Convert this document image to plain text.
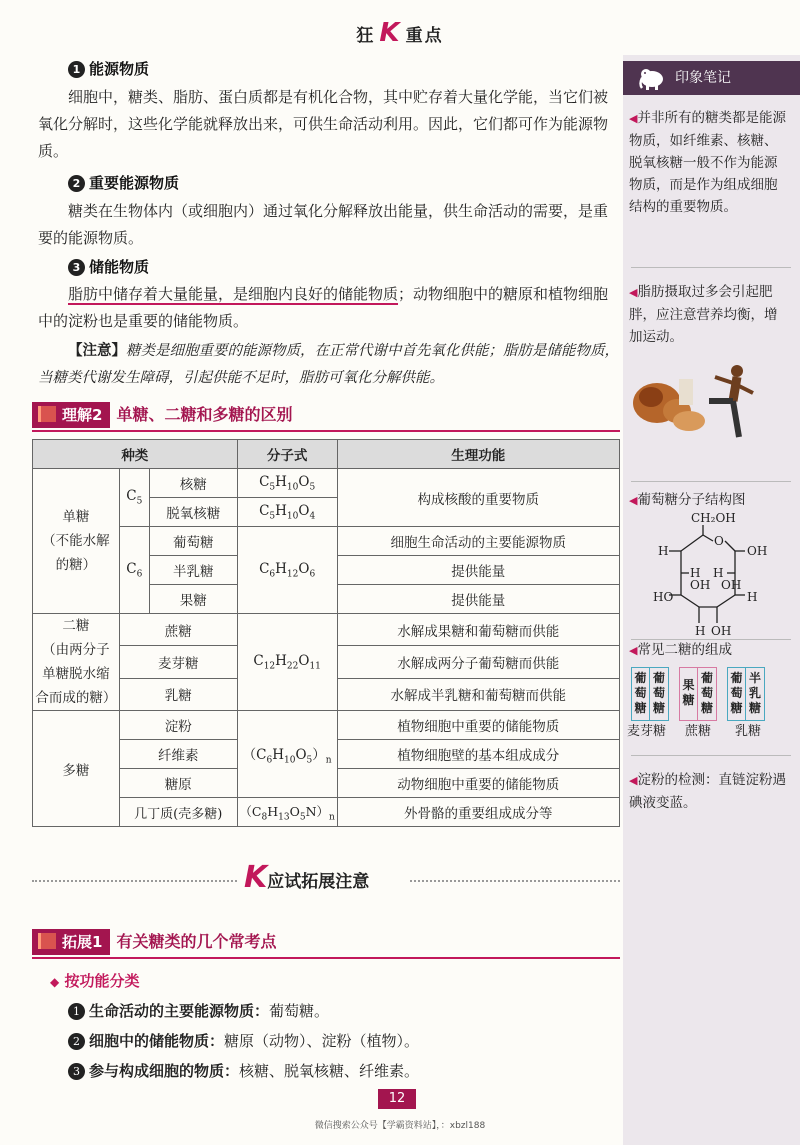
狂 K 重点
1 能源物质
细胞中，糖类、脂肪、蛋白质都是有机化合物，其中贮存着大量化学能，当它们被氧化分解时，这些化学能就释放出来，可供生命活动利用。因此，它们都可作为能源物质。
2 重要能源物质
糖类在生物体内（或细胞内）通过氧化分解释放出能量，供生命活动的需要，是重要的能源物质。
3 储能物质
脂肪中储存着大量能量，是细胞内良好的储能物质；动物细胞中的糖原和植物细胞中的淀粉也是重要的储能物质。
【注意】糖类是细胞重要的能源物质，在正常代谢中首先氧化供能；脂肪是储能物质，当糖类代谢发生障碍，引起供能不足时，脂肪可氧化分解供能。
理解2 单糖、二糖和多糖的区别
种类			分子式	生理功能

单糖
（不能水解
的糖）	$C_5$	核糖	$C_5H_{10}O_5$	构成核酸的重要物质
		脱氧核糖	$C_5H_{10}O_4$
	$C_6$	葡萄糖	$C_6H_{12}O_6$	细胞生命活动的主要能源物质
		半乳糖		提供能量
		果糖		提供能量

二糖
（由两分子
单糖脱水缩
合而成的糖）	蔗糖		$C_{12}H_{22}O_{11}$	水解成果糖和葡萄糖而供能
	麦芽糖			水解成两分子葡萄糖而供能
	乳糖			水解成半乳糖和葡萄糖而供能
多糖	淀粉		$(C_6H_{10}O_5)_n$	植物细胞中重要的储能物质
	纤维素			植物细胞壁的基本组成成分
	糖原			动物细胞中重要的储能物质
	几丁质(壳多糖)		$(C_8H_{13}O_5N)_n$	外骨骼的重要组成成分等
K应试拓展注意
拓展1 有关糖类的几个常考点
◆ 按功能分类
1 生命活动的主要能源物质：葡萄糖。
2 细胞中的储能物质：糖原（动物）、淀粉（植物）。
3 参与构成细胞的物质：核糖、脱氧核糖、纤维素。
印象笔记
◀并非所有的糖类都是能源物质，如纤维素、核糖、脱氧核糖一般不作为能源物质，而是作为组成细胞结构的重要物质。
◀脂肪摄取过多会引起肥胖，应注意营养均衡，增加运动。
◀葡萄糖分子结构图
CH₂OH
O
H	OH
H H
OH OH
HO	H
H OH
◀常见二糖的组成
葡萄糖
葡萄糖
果糖
葡萄糖
葡萄糖
半乳糖
麦芽糖 蔗糖 乳糖
◀淀粉的检测：直链淀粉遇碘液变蓝。
12
微信搜索公众号【学霸资料站】，：xbzl188
